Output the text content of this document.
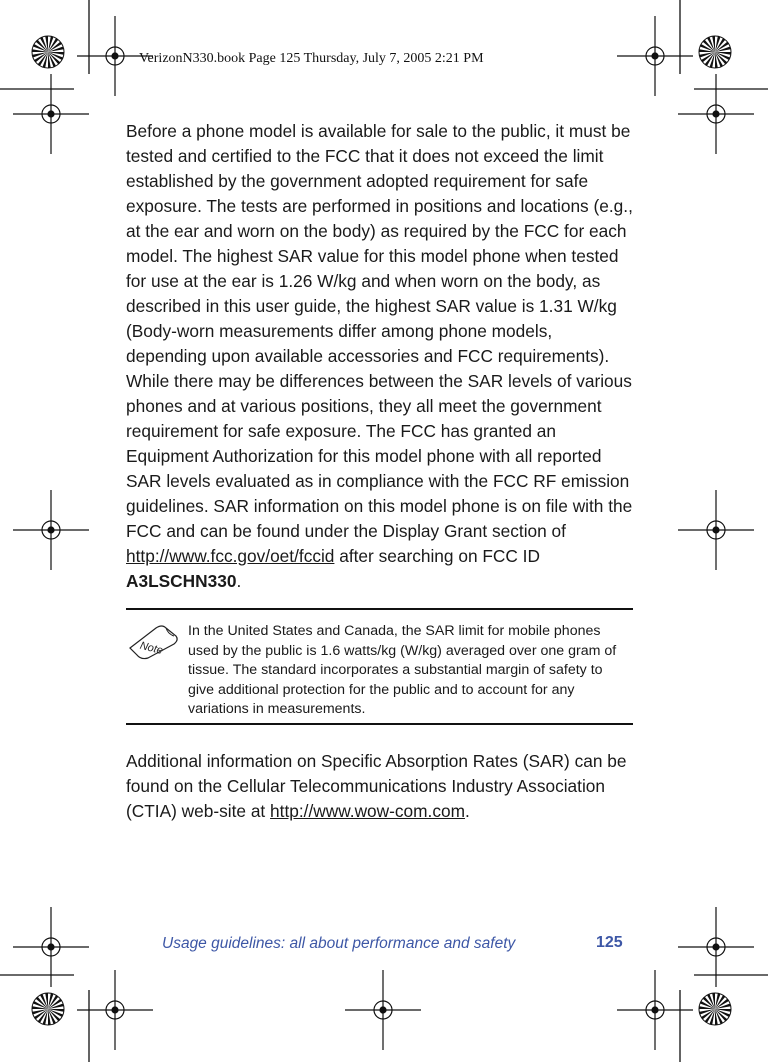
VerizonN330.book Page 125 Thursday, July 7, 2005 2:21 PM

Before a phone model is available for sale to the public, it must be tested and certified to the FCC that it does not exceed the limit established by the government adopted requirement for safe exposure. The tests are performed in positions and locations (e.g., at the ear and worn on the body) as required by the FCC for each model. The highest SAR value for this model phone when tested for use at the ear is 1.26 W/kg and when worn on the body, as described in this user guide, the highest SAR value is 1.31 W/kg (Body-worn measurements differ among phone models, depending upon available accessories and FCC requirements). While there may be differences between the SAR levels of various phones and at various positions, they all meet the government requirement for safe exposure. The FCC has granted an Equipment Authorization for this model phone with all reported SAR levels evaluated as in compliance with the FCC RF emission guidelines. SAR information on this model phone is on file with the FCC and can be found under the Display Grant section of http://www.fcc.gov/oet/fccid after searching on FCC ID A3LSCHN330.

Note

In the United States and Canada, the SAR limit for mobile phones used by the public is 1.6 watts/kg (W/kg) averaged over one gram of tissue. The standard incorporates a substantial margin of safety to give additional protection for the public and to account for any variations in measurements.

Additional information on Specific Absorption Rates (SAR) can be found on the Cellular Telecommunications Industry Association (CTIA) web-site at http://www.wow-com.com.

Usage guidelines: all about performance and safety	125
